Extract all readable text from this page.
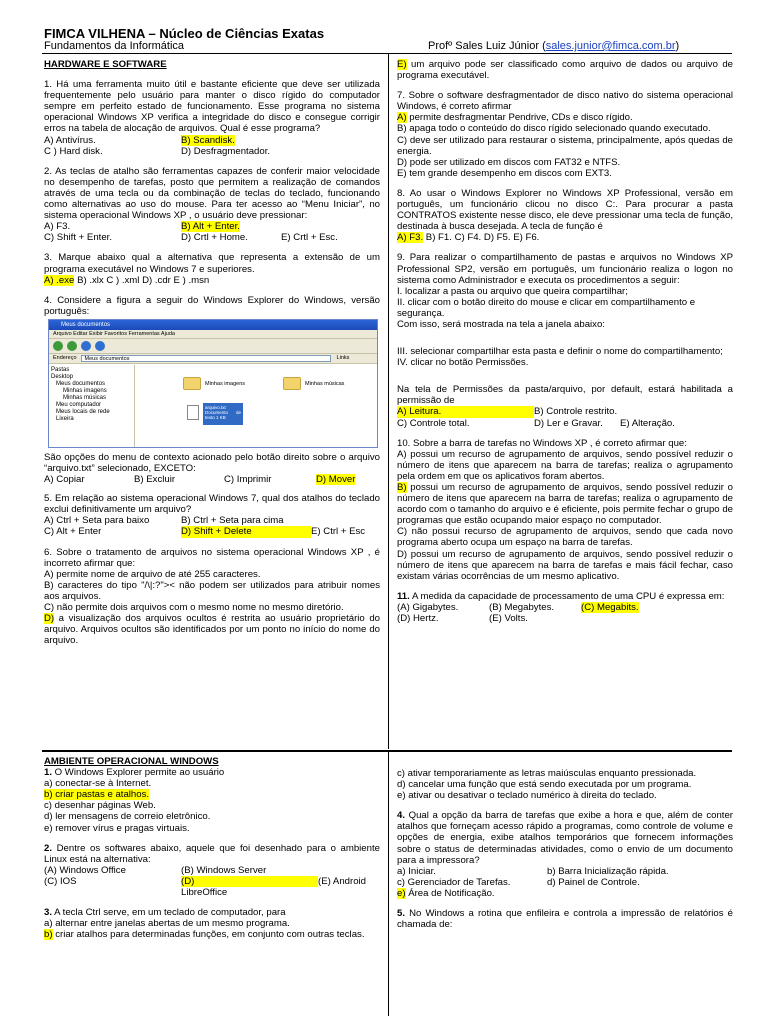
FIMCA VILHENA – Núcleo de Ciências Exatas
Fundamentos da Informática	Profº Sales Luiz Júnior (sales.junior@fimca.com.br)
HARDWARE E SOFTWARE
1. Há uma ferramenta muito útil e bastante eficiente que deve ser utilizada frequentemente pelo usuário para manter o disco rígido do computador sempre em perfeito estado de funcionamento. Esse programa no sistema operacional Windows XP verifica a integridade do disco e consegue corrigir erros na tabela de alocação de arquivos. Qual é esse programa?
A) Antivírus.	B) Scandisk.
C ) Hard disk.	D) Desfragmentador.
2. As teclas de atalho são ferramentas capazes de conferir maior velocidade no desempenho de tarefas, posto que permitem a realização de comandos através de uma tecla ou da combinação de teclas do teclado, funcionando como alternativas ao uso do mouse. Para ter acesso ao “Menu Iniciar”, no sistema operacional Windows XP , o usuário deve pressionar:
A) F3.	B) Alt + Enter.
C) Shift + Enter.	D) Crtl + Home.	E) Crtl + Esc.
3. Marque abaixo qual a alternativa que representa a extensão de um programa executável no Windows 7 e superiores.
A) .exe B) .xlx C ) .xml D) .cdr E ) .msn
4. Considere a figura a seguir do Windows Explorer do Windows, versão português:
Meus documentos
Arquivo Editar Exibir Favoritos Ferramentas Ajuda
Endereço	Meus documentos	Links
Pastas
Desktop
Meus documentos
Minhas imagens
Minhas músicas
Meu computador
Meus locais de rede
Lixeira
Minhas imagens	Minhas músicas
arquivo.txt Documento de texto 1 KB
São opções do menu de contexto acionado pelo botão direito sobre o arquivo “arquivo.txt” selecionado, EXCETO:
A) Copiar	B) Excluir	C) Imprimir	D) Mover
5. Em relação ao sistema operacional Windows 7, qual dos atalhos do teclado exclui definitivamente um arquivo?
A) Ctrl + Seta para baixo	B) Ctrl + Seta para cima
C) Alt + Enter	D) Shift + Delete	E) Ctrl + Esc
6. Sobre o tratamento de arquivos no sistema operacional Windows XP , é incorreto afirmar que:
A) permite nome de arquivo de até 255 caracteres.
B) caracteres do tipo "/\|:?">< não podem ser utilizados para atribuir nomes aos arquivos.
C) não permite dois arquivos com o mesmo nome no mesmo diretório.
D) a visualização dos arquivos ocultos é restrita ao usuário proprietário do arquivo. Arquivos ocultos são identificados por um ponto no início do nome do arquivo.
E) um arquivo pode ser classificado como arquivo de dados ou arquivo de programa executável.
7. Sobre o software desfragmentador de disco nativo do sistema operacional Windows, é correto afirmar
A) permite desfragmentar Pendrive, CDs e disco rígido.
B) apaga todo o conteúdo do disco rígido selecionado quando executado.
C) deve ser utilizado para restaurar o sistema, principalmente, após quedas de energia.
D) pode ser utilizado em discos com FAT32 e NTFS.
E) tem grande desempenho em discos com EXT3.
8. Ao usar o Windows Explorer no Windows XP Professional, versão em português, um funcionário clicou no disco C:. Para procurar a pasta CONTRATOS existente nesse disco, ele deve pressionar uma tecla de função, destinada à busca desejada. A tecla de função é
A) F3. B) F1. C) F4. D) F5. E) F6.
9. Para realizar o compartilhamento de pastas e arquivos no Windows XP Professional SP2, versão em português, um funcionário realiza o logon no sistema como Administrador e executa os procedimentos a seguir:
I. localizar a pasta ou arquivo que queira compartilhar;
II. clicar com o botão direito do mouse e clicar em compartilhamento e segurança.
Com isso, será mostrada na tela a janela abaixo:
III. selecionar compartilhar esta pasta e definir o nome do compartilhamento;
IV. clicar no botão Permissões.
Na tela de Permissões da pasta/arquivo, por default, estará habilitada a permissão de
A) Leitura.	B) Controle restrito.
C) Controle total.	D) Ler e Gravar.	E) Alteração.
10. Sobre a barra de tarefas no Windows XP , é correto afirmar que:
A) possui um recurso de agrupamento de arquivos, sendo possível reduzir o número de itens que aparecem na barra de tarefas; realiza o agrupamento pela ordem em que os aplicativos foram abertos.
B) possui um recurso de agrupamento de arquivos, sendo possível reduzir o número de itens que aparecem na barra de tarefas; realiza o agrupamento de acordo com o tamanho do arquivo e é eficiente, pois permite fechar o grupo de programas que estão ocupando maior espaço no computador.
C) não possui recurso de agrupamento de arquivos, sendo que cada novo programa aberto ocupa um espaço na barra de tarefas.
D) possui um recurso de agrupamento de arquivos, sendo possível reduzir o número de itens que aparecem na barra de tarefas e mais fácil fechar, caso existam várias ocorrências de um mesmo aplicativo.
11. A medida da capacidade de processamento de uma CPU é expressa em:
(A) Gigabytes.	(B) Megabytes.	(C) Megabits.
(D) Hertz.	(E) Volts.
AMBIENTE OPERACIONAL WINDOWS
1. O Windows Explorer permite ao usuário
a) conectar-se à Internet.
b) criar pastas e atalhos.
c) desenhar páginas Web.
d) ler mensagens de correio eletrônico.
e) remover vírus e pragas virtuais.
2. Dentre os softwares abaixo, aquele que foi desenhado para o ambiente Linux está na alternativa:
(A) Windows Office	(B) Windows Server
(C) IOS	(D)
LibreOffice
(E) Android
3. A tecla Ctrl serve, em um teclado de computador, para
a) alternar entre janelas abertas de um mesmo programa.
b) criar atalhos para determinadas funções, em conjunto com outras teclas.
c) ativar temporariamente as letras maiúsculas enquanto pressionada.
d) cancelar uma função que está sendo executada por um programa.
e) ativar ou desativar o teclado numérico à direita do teclado.
4. Qual a opção da barra de tarefas que exibe a hora e que, além de conter atalhos que forneçam acesso rápido a programas, como controle de volume e opções de energia, exibe atalhos temporários que fornecem informações sobre o status de determinadas atividades, como o envio de um documento para a impressora?
a) Iniciar.	b) Barra Inicialização rápida.
c) Gerenciador de Tarefas.	d) Painel de Controle.
e) Área de Notificação.
5. No Windows a rotina que enfileira e controla a impressão de relatórios é chamada de:
